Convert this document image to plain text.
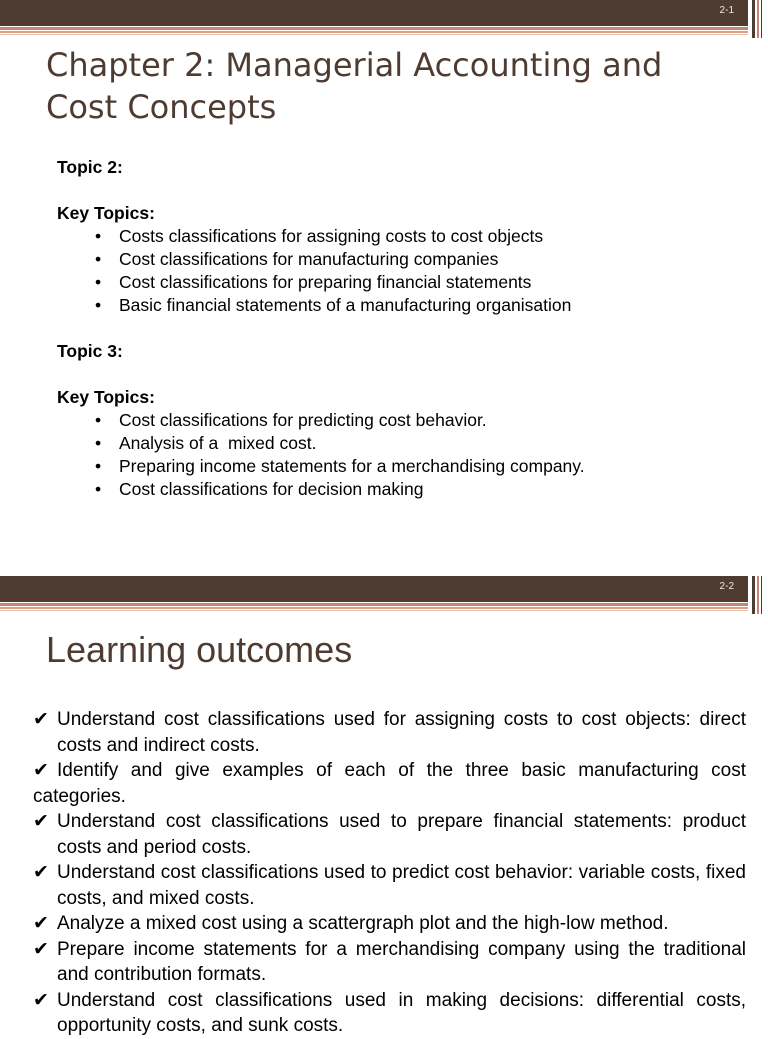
2-1
Chapter 2: Managerial Accounting and Cost Concepts
Topic 2:
Key Topics:
• Costs classifications for assigning costs to cost objects
• Cost classifications for manufacturing companies
• Cost classifications for preparing financial statements
• Basic financial statements of a manufacturing organisation
Topic 3:
Key Topics:
• Cost classifications for predicting cost behavior.
• Analysis of a  mixed cost.
• Preparing income statements for a merchandising company.
• Cost classifications for decision making
2-2
Learning outcomes
✔ Understand cost classifications used for assigning costs to cost objects: direct costs and indirect costs.
✔ Identify and give examples of each of the three basic manufacturing cost categories.
✔ Understand cost classifications used to prepare financial statements: product costs and period costs.
✔ Understand cost classifications used to predict cost behavior: variable costs, fixed costs, and mixed costs.
✔ Analyze a mixed cost using a scattergraph plot and the high-low method.
✔ Prepare income statements for a merchandising company using the traditional and contribution formats.
✔ Understand cost classifications used in making decisions: differential costs, opportunity costs, and sunk costs.
